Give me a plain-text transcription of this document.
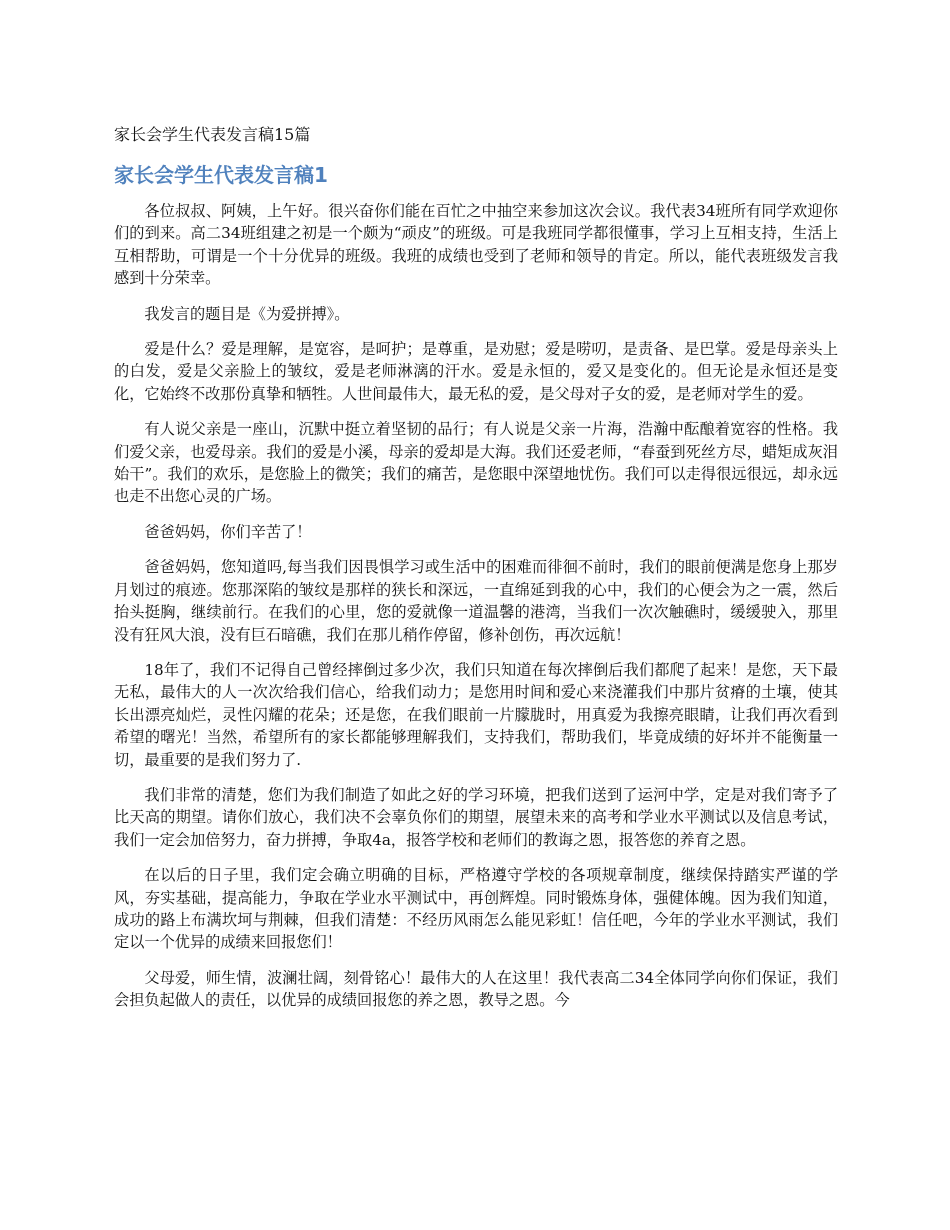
家长会学生代表发言稿15篇
家长会学生代表发言稿1

各位叔叔、阿姨，上午好。很兴奋你们能在百忙之中抽空来参加这次会议。我代表34班所有同学欢迎你们的到来。高二34班组建之初是一个颇为“顽皮”的班级。可是我班同学都很懂事，学习上互相支持，生活上互相帮助，可谓是一个十分优异的班级。我班的成绩也受到了老师和领导的肯定。所以，能代表班级发言我感到十分荣幸。

我发言的题目是《为爱拼搏》。

爱是什么？爱是理解，是宽容，是呵护；是尊重，是劝慰；爱是唠叨，是责备、是巴掌。爱是母亲头上的白发，爱是父亲脸上的皱纹，爱是老师淋漓的汗水。爱是永恒的，爱又是变化的。但无论是永恒还是变化，它始终不改那份真挚和牺牲。人世间最伟大，最无私的爱，是父母对子女的爱，是老师对学生的爱。

有人说父亲是一座山，沉默中挺立着坚韧的品行；有人说是父亲一片海，浩瀚中酝酿着宽容的性格。我们爱父亲，也爱母亲。我们的爱是小溪，母亲的爱却是大海。我们还爱老师，“春蚕到死丝方尽，蜡矩成灰泪始干”。我们的欢乐，是您脸上的微笑；我们的痛苦，是您眼中深望地忧伤。我们可以走得很远很远，却永远也走不出您心灵的广场。

爸爸妈妈，你们辛苦了！

爸爸妈妈，您知道吗,每当我们因畏惧学习或生活中的困难而徘徊不前时，我们的眼前便满是您身上那岁月划过的痕迹。您那深陷的皱纹是那样的狭长和深远，一直绵延到我的心中，我们的心便会为之一震，然后抬头挺胸，继续前行。在我们的心里，您的爱就像一道温馨的港湾，当我们一次次触礁时，缓缓驶入，那里没有狂风大浪，没有巨石暗礁，我们在那儿稍作停留，修补创伤，再次远航！

18年了，我们不记得自己曾经摔倒过多少次，我们只知道在每次摔倒后我们都爬了起来！是您，天下最无私，最伟大的人一次次给我们信心，给我们动力；是您用时间和爱心来浇灌我们中那片贫瘠的土壤，使其长出漂亮灿烂，灵性闪耀的花朵；还是您，在我们眼前一片朦胧时，用真爱为我擦亮眼睛，让我们再次看到希望的曙光！当然，希望所有的家长都能够理解我们，支持我们，帮助我们，毕竟成绩的好坏并不能衡量一切，最重要的是我们努力了.

我们非常的清楚，您们为我们制造了如此之好的学习环境，把我们送到了运河中学，定是对我们寄予了比天高的期望。请你们放心，我们决不会辜负你们的期望，展望未来的高考和学业水平测试以及信息考试，我们一定会加倍努力，奋力拼搏，争取4a，报答学校和老师们的教诲之恩，报答您的养育之恩。

在以后的日子里，我们定会确立明确的目标，严格遵守学校的各项规章制度，继续保持踏实严谨的学风，夯实基础，提高能力，争取在学业水平测试中，再创辉煌。同时锻炼身体，强健体魄。因为我们知道，成功的路上布满坎坷与荆棘，但我们清楚：不经历风雨怎么能见彩虹！信任吧，今年的学业水平测试，我们定以一个优异的成绩来回报您们！

父母爱，师生情，波澜壮阔，刻骨铭心！最伟大的人在这里！我代表高二34全体同学向你们保证，我们会担负起做人的责任，以优异的成绩回报您的养之恩，教导之恩。今
